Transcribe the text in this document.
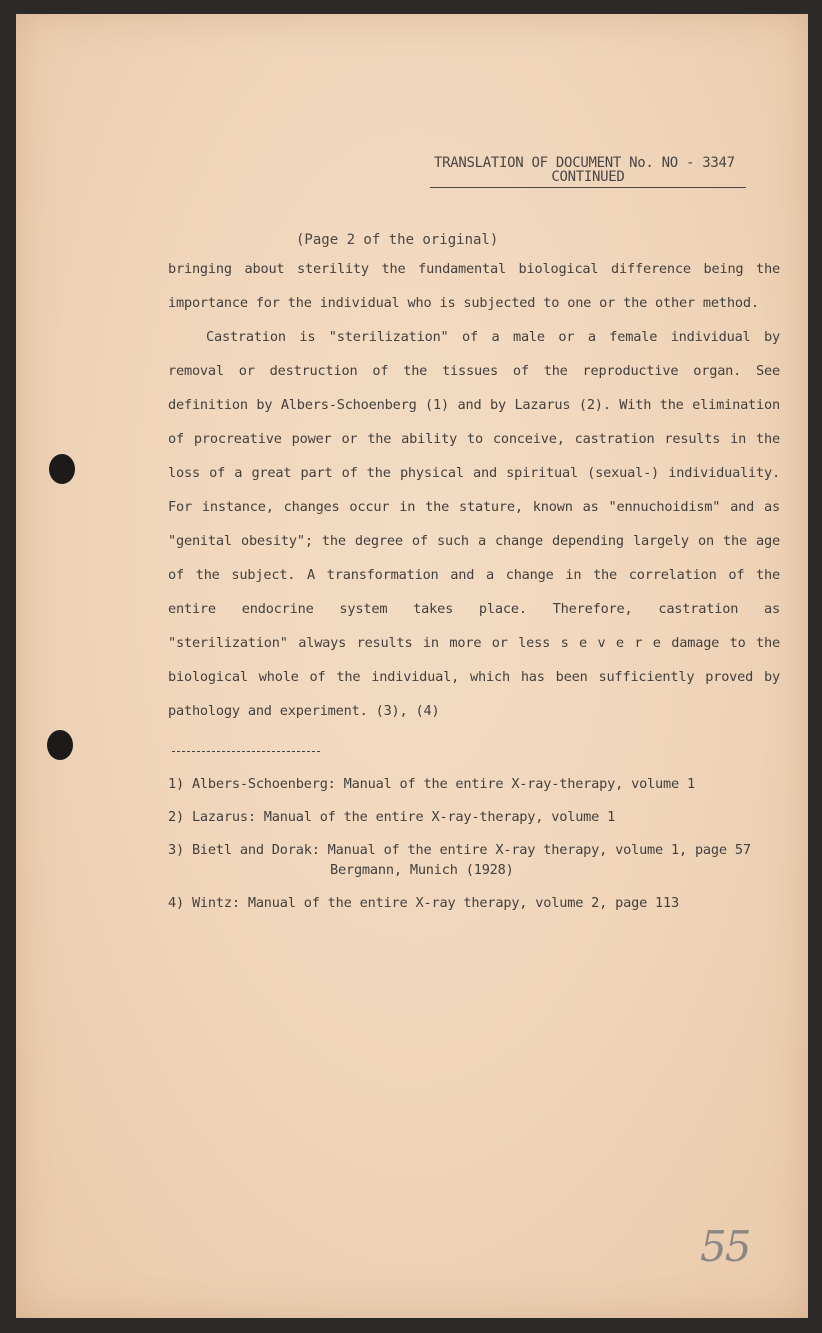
TRANSLATION OF DOCUMENT No. NO - 3347
CONTINUED
(Page 2 of the original)

bringing about sterility the fundamental biological difference being the importance for the individual who is subjected to one or the other method.

Castration is "sterilization" of a male or a female individual by removal or destruction of the tissues of the reproductive organ. See definition by Albers-Schoenberg (1) and by Lazarus (2). With the elimination of procreative power or the ability to conceive, castration results in the loss of a great part of the physical and spiritual (sexual-) individuality. For instance, changes occur in the stature, known as "ennuchoidism" and as "genital obesity"; the degree of such a change depending largely on the age of the subject. A transformation and a change in the correlation of the entire endocrine system takes place. Therefore, castration as "sterilization" always results in more or less s e v e r e damage to the biological whole of the individual, which has been sufficiently proved by pathology and experiment. (3), (4)

1) Albers-Schoenberg: Manual of the entire X-ray-therapy, volume 1
2) Lazarus: Manual of the entire X-ray-therapy, volume 1
3) Bietl and Dorak: Manual of the entire X-ray therapy, volume 1, page 57
Bergmann, Munich (1928)
4) Wintz: Manual of the entire X-ray therapy, volume 2, page 113
55
